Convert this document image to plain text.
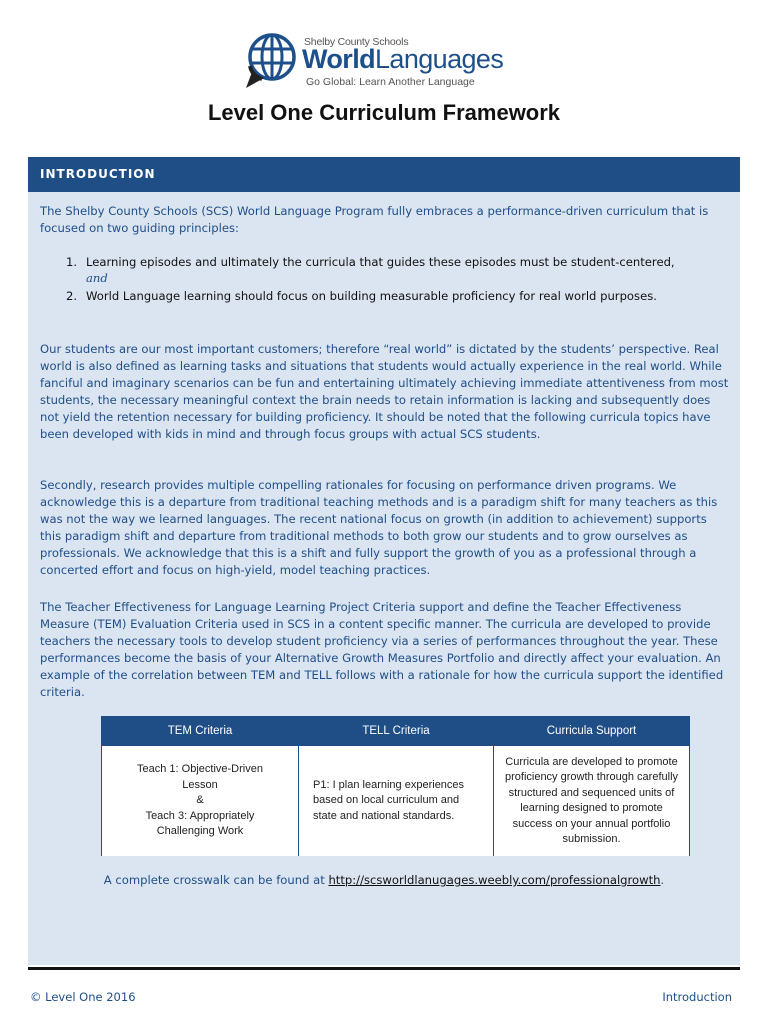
Shelby County Schools
WorldLanguages
Go Global: Learn Another Language
Level One Curriculum Framework
INTRODUCTION

The Shelby County Schools (SCS) World Language Program fully embraces a performance-driven curriculum that is focused on two guiding principles:

1. Learning episodes and ultimately the curricula that guides these episodes must be student-centered, and
2. World Language learning should focus on building measurable proficiency for real world purposes.

Our students are our most important customers; therefore “real world” is dictated by the students’ perspective. Real world is also defined as learning tasks and situations that students would actually experience in the real world. While fanciful and imaginary scenarios can be fun and entertaining ultimately achieving immediate attentiveness from most students, the necessary meaningful context the brain needs to retain information is lacking and subsequently does not yield the retention necessary for building proficiency. It should be noted that the following curricula topics have been developed with kids in mind and through focus groups with actual SCS students.

Secondly, research provides multiple compelling rationales for focusing on performance driven programs. We acknowledge this is a departure from traditional teaching methods and is a paradigm shift for many teachers as this was not the way we learned languages. The recent national focus on growth (in addition to achievement) supports this paradigm shift and departure from traditional methods to both grow our students and to grow ourselves as professionals. We acknowledge that this is a shift and fully support the growth of you as a professional through a concerted effort and focus on high-yield, model teaching practices.

The Teacher Effectiveness for Language Learning Project Criteria support and define the Teacher Effectiveness Measure (TEM) Evaluation Criteria used in SCS in a content specific manner. The curricula are developed to provide teachers the necessary tools to develop student proficiency via a series of performances throughout the year. These performances become the basis of your Alternative Growth Measures Portfolio and directly affect your evaluation. An example of the correlation between TEM and TELL follows with a rationale for how the curricula support the identified criteria.

TEM Criteria	TELL Criteria	Curricula Support

Teach 1: Objective-Driven
Lesson
&
Teach 3: Appropriately
Challenging Work	P1: I plan learning experiences based on local curriculum and state and national standards.	Curricula are developed to promote proficiency growth through carefully structured and sequenced units of learning designed to promote success on your annual portfolio submission.
A complete crosswalk can be found at http://scsworldlanugages.weebly.com/professionalgrowth.
© Level One 2016	Introduction
